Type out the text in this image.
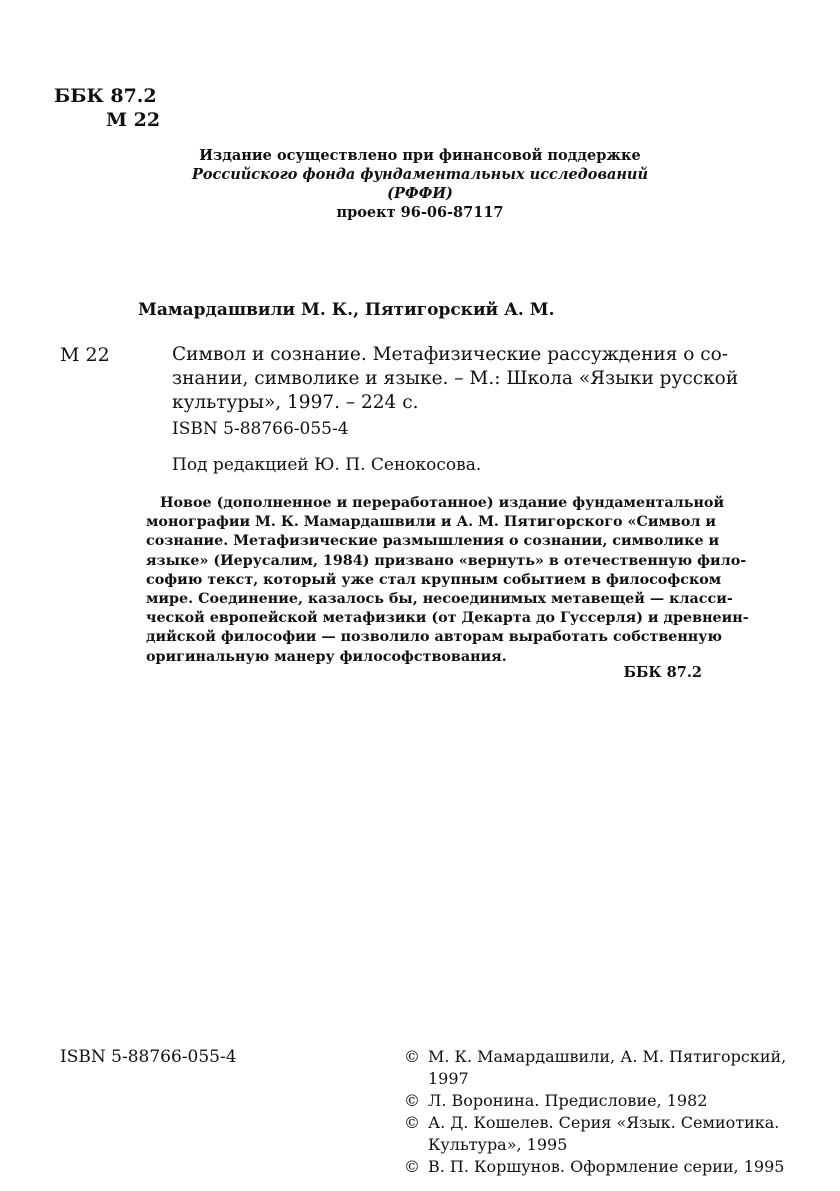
ББК 87.2
М 22
Издание осуществлено при финансовой поддержке
Российского фонда фундаментальных исследований
(РФФИ)
проект 96-06-87117
Мамардашвили М. К., Пятигорский А. М.
М 22	Символ и сознание. Метафизические рассуждения о со-
знании, символике и языке. – М.: Школа «Языки русской
культуры», 1997. – 224 с.
ISBN 5-88766-055-4
Под редакцией Ю. П. Сенокосова.
Новое (дополненное и переработанное) издание фундаментальной
монографии М. К. Мамардашвили и А. М. Пятигорского «Символ и
сознание. Метафизические размышления о сознании, символике и
языке» (Иерусалим, 1984) призвано «вернуть» в отечественную фило-
софию текст, который уже стал крупным событием в философском
мире. Соединение, казалось бы, несоединимых метавещей — класси-
ческой европейской метафизики (от Декарта до Гуссерля) и древнеин-
дийской философии — позволило авторам выработать собственную
оригинальную манеру философствования.
ББК 87.2
ISBN 5-88766-055-4	© М. К. Мамардашвили, А. М. Пятигорский,
1997
© Л. Воронина. Предисловие, 1982
© А. Д. Кошелев. Серия «Язык. Семиотика.
Культура», 1995
© В. П. Коршунов. Оформление серии, 1995
